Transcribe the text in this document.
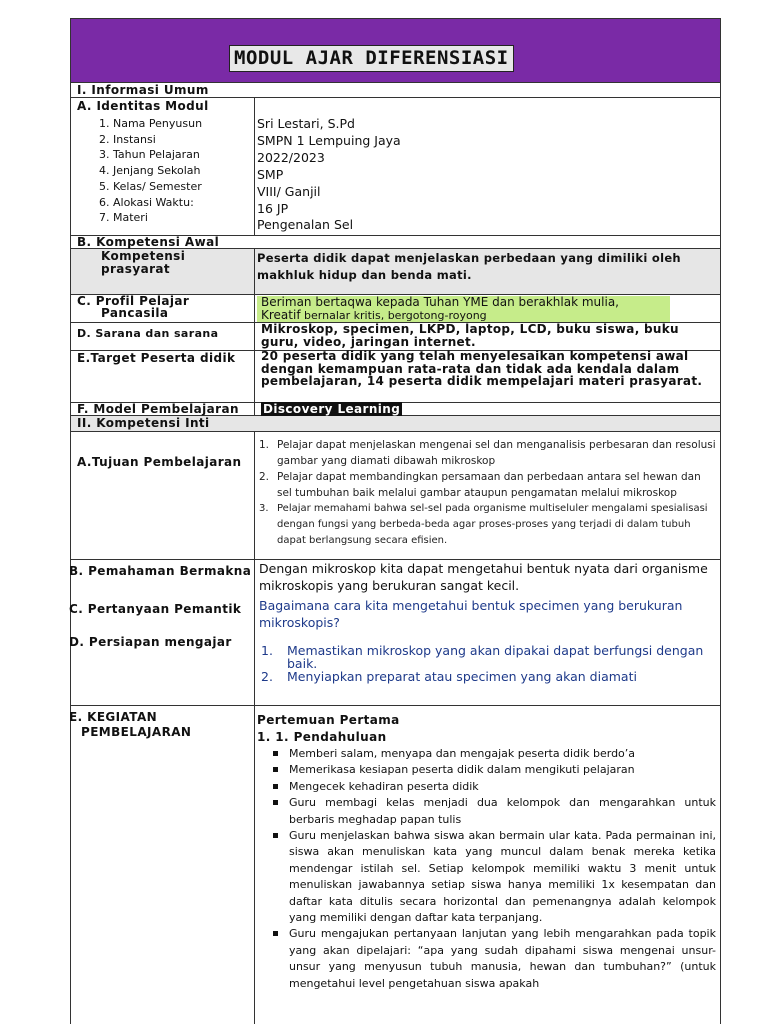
MODUL AJAR DIFERENSIASI
I. Informasi Umum
A. Identitas Modul
1. Nama Penyusun
2. Instansi
3. Tahun Pelajaran
4. Jenjang Sekolah
5. Kelas/ Semester
6. Alokasi Waktu:
7. Materi
Sri Lestari, S.Pd
SMPN 1 Lempuing Jaya
2022/2023
SMP
VIII/ Ganjil
16 JP
Pengenalan Sel
B. Kompetensi Awal
Kompetensi
prasyarat
Peserta didik dapat menjelaskan perbedaan yang dimiliki oleh makhluk hidup dan benda mati.
C. Profil Pelajar
Pancasila
Beriman bertaqwa kepada Tuhan YME dan berakhlak mulia,
Kreatif bernalar kritis, bergotong-royong
D. Sarana dan sarana	Mikroskop, specimen, LKPD, laptop, LCD, buku siswa, buku guru, video, jaringan internet.
E.Target Peserta didik 20 peserta didik yang telah menyelesaikan kompetensi awal dengan kemampuan rata-rata dan tidak ada kendala dalam pembelajaran, 14 peserta didik mempelajari materi prasyarat.
F. Model Pembelajaran Discovery Learning
II. Kompetensi Inti
A.Tujuan Pembelajaran
1. Pelajar dapat menjelaskan mengenai sel dan menganalisis perbesaran dan resolusi gambar yang diamati dibawah mikroskop
2. Pelajar dapat membandingkan persamaan dan perbedaan antara sel hewan dan sel tumbuhan baik melalui gambar ataupun pengamatan melalui mikroskop
3. Pelajar memahami bahwa sel-sel pada organisme multiseluler mengalami spesialisasi dengan fungsi yang berbeda-beda agar proses-proses yang terjadi di dalam tubuh dapat berlangsung secara efisien.
B. Pemahaman Bermakna Dengan mikroskop kita dapat mengetahui bentuk nyata dari organisme mikroskopis yang berukuran sangat kecil.
C. Pertanyaan Pemantik Bagaimana cara kita mengetahui bentuk specimen yang berukuran mikroskopis?
D. Persiapan mengajar
1. Memastikan mikroskop yang akan dipakai dapat berfungsi dengan baik.
2. Menyiapkan preparat atau specimen yang akan diamati
E. KEGIATAN
PEMBELAJARAN
Pertemuan Pertama
1. 1. Pendahuluan
Memberi salam, menyapa dan mengajak peserta didik berdo’a
Memerikasa kesiapan peserta didik dalam mengikuti pelajaran
Mengecek kehadiran peserta didik
Guru membagi kelas menjadi dua kelompok dan mengarahkan untuk berbaris meghadap papan tulis
Guru menjelaskan bahwa siswa akan bermain ular kata. Pada permainan ini, siswa akan menuliskan kata yang muncul dalam benak mereka ketika mendengar istilah sel. Setiap kelompok memiliki waktu 3 menit untuk menuliskan jawabannya setiap siswa hanya memiliki 1x kesempatan dan daftar kata ditulis secara horizontal dan pemenangnya adalah kelompok yang memiliki dengan daftar kata terpanjang.
Guru mengajukan pertanyaan lanjutan yang lebih mengarahkan pada topik yang akan dipelajari: “apa yang sudah dipahami siswa mengenai unsur-unsur yang menyusun tubuh manusia, hewan dan tumbuhan?” (untuk mengetahui level pengetahuan siswa apakah
